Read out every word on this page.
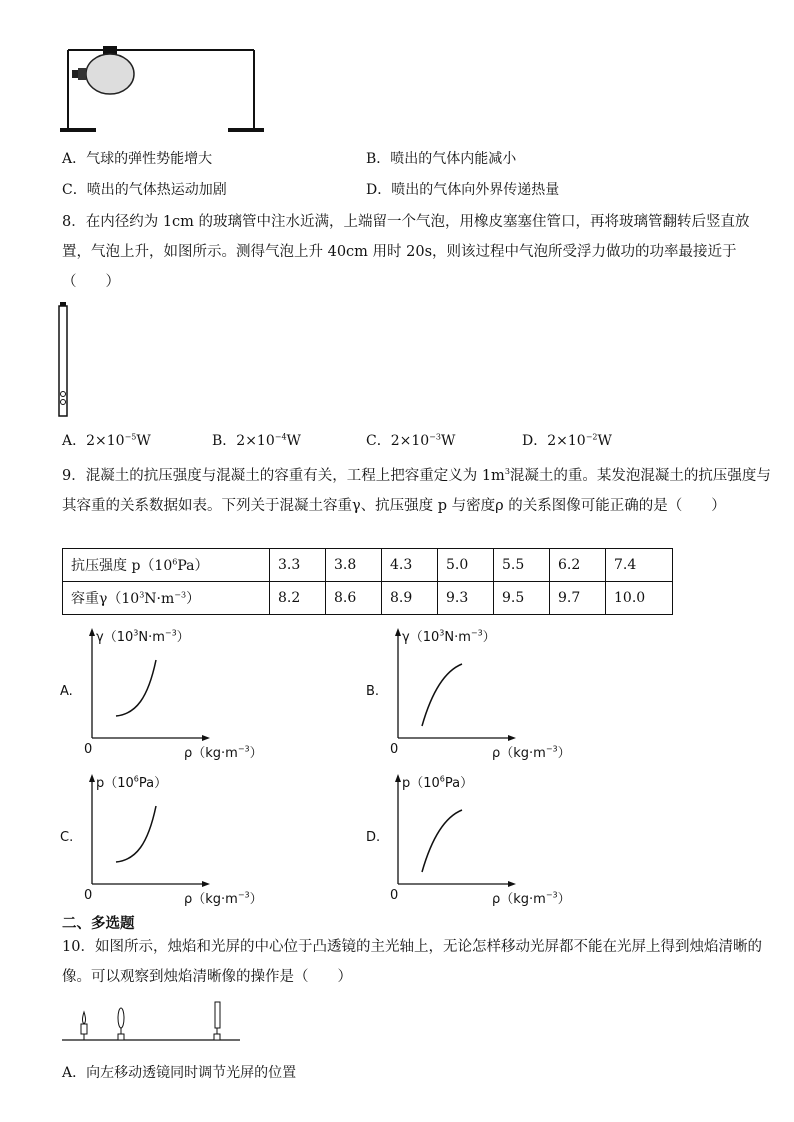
A．气球的弹性势能增大	B．喷出的气体内能减小
C．喷出的气体热运动加剧	D．喷出的气体向外界传递热量
8．在内径约为 1cm 的玻璃管中注水近满，上端留一个气泡，用橡皮塞塞住管口，再将玻璃管翻转后竖直放置，气泡上升，如图所示。测得气泡上升 40cm 用时 20s，则该过程中气泡所受浮力做功的功率最接近于（　　）
A．$2\times 10^{-5}W$	B．$2\times 10^{-4}W$	C．$2\times 10^{-3}W$	D．$2\times 10^{-2}W$
9．混凝土的抗压强度与混凝土的容重有关，工程上把容重定义为 $1m^3$混凝土的重。某发泡混凝土的抗压强度与其容重的关系数据如表。下列关于混凝土容重γ、抗压强度 p 与密度ρ 的关系图像可能正确的是（　　）
抗压强度 $p(10^6Pa)$	3.3	3.8	4.3	5.0	5.5	6.2	7.4
容重$\gamma(10^3N\cdot m^{-3})$	8.2	8.6	8.9	9.3	9.5	9.7	10.0
A.
$\gamma(10^3N\cdot m^{-3})$
0	$\rho(kg\cdot m^{-3})$
B.
$\gamma(10^3N\cdot m^{-3})$
0	$\rho(kg\cdot m^{-3})$
C.
$p(10^6Pa)$
0	$\rho(kg\cdot m^{-3})$
D.
$p(10^6Pa)$
0	$\rho(kg\cdot m^{-3})$
二、多选题
10．如图所示，烛焰和光屏的中心位于凸透镜的主光轴上，无论怎样移动光屏都不能在光屏上得到烛焰清晰的像。可以观察到烛焰清晰像的操作是（　　）
A．向左移动透镜同时调节光屏的位置
